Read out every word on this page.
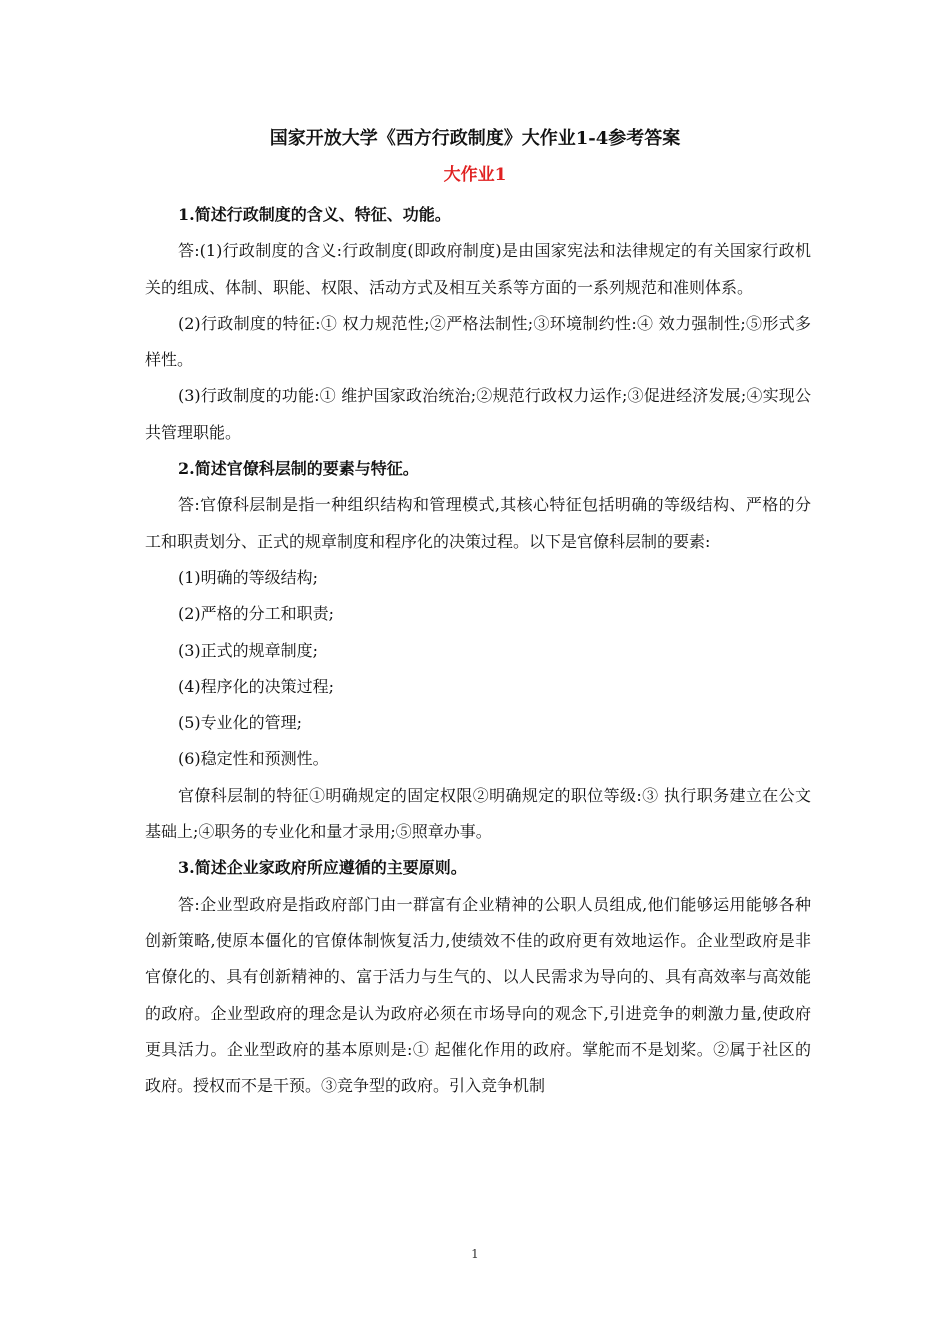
国家开放大学《西方行政制度》大作业1-4参考答案
大作业1

1.简述行政制度的含义、特征、功能。

答:(1)行政制度的含义:行政制度(即政府制度)是由国家宪法和法律规定的有关国家行政机关的组成、体制、职能、权限、活动方式及相互关系等方面的一系列规范和准则体系。

(2)行政制度的特征:① 权力规范性;②严格法制性;③环境制约性:④ 效力强制性;⑤形式多样性。

(3)行政制度的功能:① 维护国家政治统治;②规范行政权力运作;③促进经济发展;④实现公共管理职能。

2.简述官僚科层制的要素与特征。

答:官僚科层制是指一种组织结构和管理模式,其核心特征包括明确的等级结构、严格的分工和职责划分、正式的规章制度和程序化的决策过程。以下是官僚科层制的要素:

(1)明确的等级结构;

(2)严格的分工和职责;

(3)正式的规章制度;

(4)程序化的决策过程;

(5)专业化的管理;

(6)稳定性和预测性。

官僚科层制的特征①明确规定的固定权限②明确规定的职位等级:③ 执行职务建立在公文基础上;④职务的专业化和量才录用;⑤照章办事。

3.简述企业家政府所应遵循的主要原则。

答:企业型政府是指政府部门由一群富有企业精神的公职人员组成,他们能够运用能够各种创新策略,使原本僵化的官僚体制恢复活力,使绩效不佳的政府更有效地运作。企业型政府是非官僚化的、具有创新精神的、富于活力与生气的、以人民需求为导向的、具有高效率与高效能的政府。企业型政府的理念是认为政府必须在市场导向的观念下,引进竞争的刺激力量,使政府更具活力。企业型政府的基本原则是:① 起催化作用的政府。掌舵而不是划桨。②属于社区的政府。授权而不是干预。③竞争型的政府。引入竞争机制

1
